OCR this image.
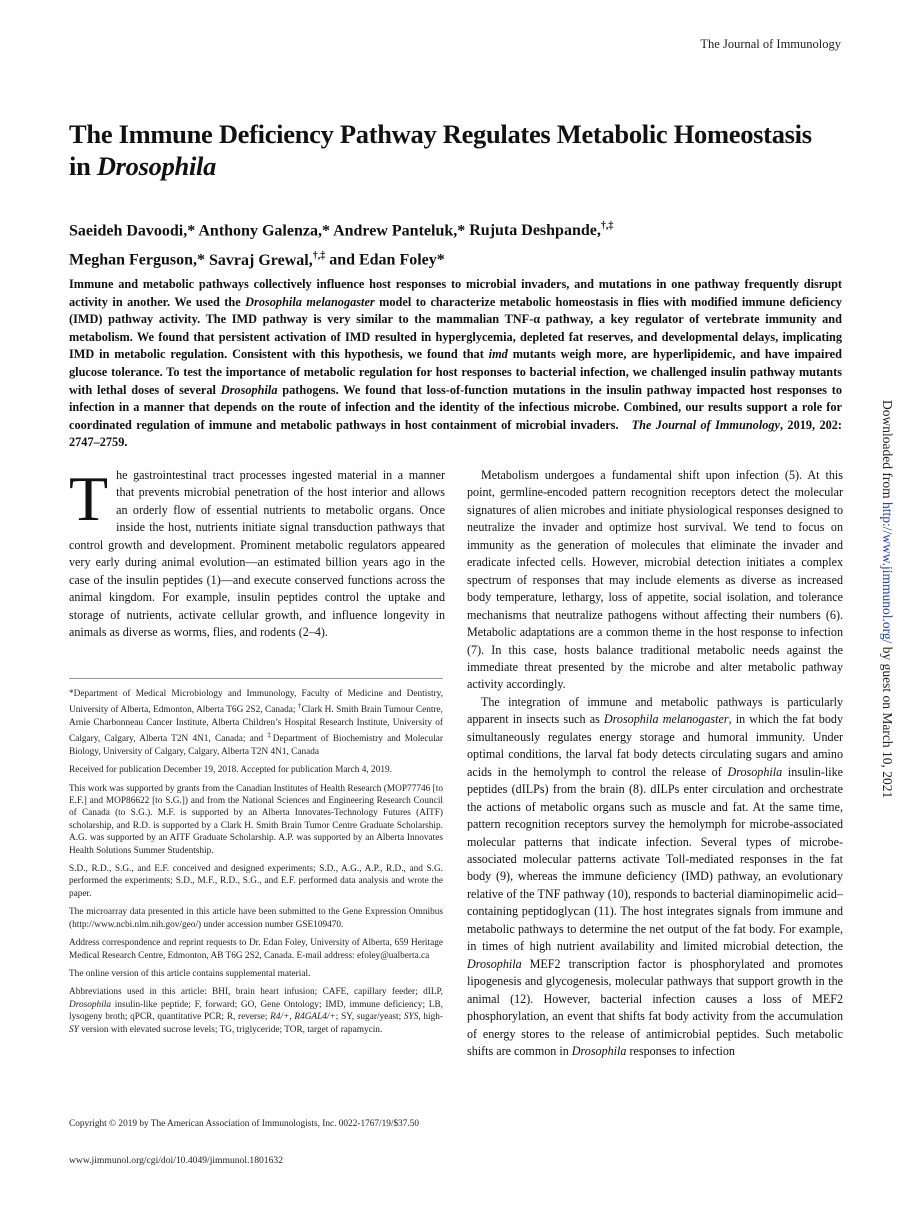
The Journal of Immunology
The Immune Deficiency Pathway Regulates Metabolic Homeostasis in Drosophila
Saeideh Davoodi,* Anthony Galenza,* Andrew Panteluk,* Rujuta Deshpande,†,‡
Meghan Ferguson,* Savraj Grewal,†,‡ and Edan Foley*
Immune and metabolic pathways collectively influence host responses to microbial invaders, and mutations in one pathway frequently disrupt activity in another. We used the Drosophila melanogaster model to characterize metabolic homeostasis in flies with modified immune deficiency (IMD) pathway activity. The IMD pathway is very similar to the mammalian TNF-α pathway, a key regulator of vertebrate immunity and metabolism. We found that persistent activation of IMD resulted in hyperglycemia, depleted fat reserves, and developmental delays, implicating IMD in metabolic regulation. Consistent with this hypothesis, we found that imd mutants weigh more, are hyperlipidemic, and have impaired glucose tolerance. To test the importance of metabolic regulation for host responses to bacterial infection, we challenged insulin pathway mutants with lethal doses of several Drosophila pathogens. We found that loss-of-function mutations in the insulin pathway impacted host responses to infection in a manner that depends on the route of infection and the identity of the infectious microbe. Combined, our results support a role for coordinated regulation of immune and metabolic pathways in host containment of microbial invaders. The Journal of Immunology, 2019, 202: 2747–2759.

The gastrointestinal tract processes ingested material in a manner that prevents microbial penetration of the host interior and allows an orderly flow of essential nutrients to metabolic organs. Once inside the host, nutrients initiate signal transduction pathways that control growth and development. Prominent metabolic regulators appeared very early during animal evolution—an estimated billion years ago in the case of the insulin peptides (1)—and execute conserved functions across the animal kingdom. For example, insulin peptides control the uptake and storage of nutrients, activate cellular growth, and influence longevity in animals as diverse as worms, flies, and rodents (2–4).

Metabolism undergoes a fundamental shift upon infection (5). At this point, germline-encoded pattern recognition receptors detect the molecular signatures of alien microbes and initiate physiological responses designed to neutralize the invader and optimize host survival. We tend to focus on immunity as the generation of molecules that eliminate the invader and eradicate infected cells. However, microbial detection initiates a complex spectrum of responses that may include elements as diverse as increased body temperature, lethargy, loss of appetite, social isolation, and tolerance mechanisms that neutralize pathogens without affecting their numbers (6). Metabolic adaptations are a common theme in the host response to infection (7). In this case, hosts balance traditional metabolic needs against the immediate threat presented by the microbe and alter metabolic pathway activity accordingly.

The integration of immune and metabolic pathways is particularly apparent in insects such as Drosophila melanogaster, in which the fat body simultaneously regulates energy storage and humoral immunity. Under optimal conditions, the larval fat body detects circulating sugars and amino acids in the hemolymph to control the release of Drosophila insulin-like peptides (dILPs) from the brain (8). dILPs enter circulation and orchestrate the actions of metabolic organs such as muscle and fat. At the same time, pattern recognition receptors survey the hemolymph for microbe-associated molecular patterns that indicate infection. Several types of microbe-associated molecular patterns activate Toll-mediated responses in the fat body (9), whereas the immune deficiency (IMD) pathway, an evolutionary relative of the TNF pathway (10), responds to bacterial diaminopimelic acid–containing peptidoglycan (11). The host integrates signals from immune and metabolic pathways to determine the net output of the fat body. For example, in times of high nutrient availability and limited microbial detection, the Drosophila MEF2 transcription factor is phosphorylated and promotes lipogenesis and glycogenesis, molecular pathways that support growth in the animal (12). However, bacterial infection causes a loss of MEF2 phosphorylation, an event that shifts fat body activity from the accumulation of energy stores to the release of antimicrobial peptides. Such metabolic shifts are common in Drosophila responses to infection

*Department of Medical Microbiology and Immunology, Faculty of Medicine and Dentistry, University of Alberta, Edmonton, Alberta T6G 2S2, Canada; †Clark H. Smith Brain Tumour Centre, Arnie Charbonneau Cancer Institute, Alberta Children’s Hospital Research Institute, University of Calgary, Calgary, Alberta T2N 4N1, Canada; and ‡Department of Biochemistry and Molecular Biology, University of Calgary, Calgary, Alberta T2N 4N1, Canada

Received for publication December 19, 2018. Accepted for publication March 4, 2019.

This work was supported by grants from the Canadian Institutes of Health Research (MOP77746 [to E.F.] and MOP86622 [to S.G.]) and from the National Sciences and Engineering Research Council of Canada (to S.G.). M.F. is supported by an Alberta Innovates-Technology Futures (AITF) scholarship, and R.D. is supported by a Clark H. Smith Brain Tumor Centre Graduate Scholarship. A.G. was supported by an AITF Graduate Scholarship. A.P. was supported by an Alberta Innovates Health Solutions Summer Studentship.

S.D., R.D., S.G., and E.F. conceived and designed experiments; S.D., A.G., A.P., R.D., and S.G. performed the experiments; S.D., M.F., R.D., S.G., and E.F. performed data analysis and wrote the paper.

The microarray data presented in this article have been submitted to the Gene Expression Omnibus (http://www.ncbi.nlm.nih.gov/geo/) under accession number GSE109470.

Address correspondence and reprint requests to Dr. Edan Foley, University of Alberta, 659 Heritage Medical Research Centre, Edmonton, AB T6G 2S2, Canada. E-mail address: efoley@ualberta.ca

The online version of this article contains supplemental material.

Abbreviations used in this article: BHI, brain heart infusion; CAFE, capillary feeder; dILP, Drosophila insulin-like peptide; F, forward; GO, Gene Ontology; IMD, immune deficiency; LB, lysogeny broth; qPCR, quantitative PCR; R, reverse; R4/+, R4GAL4/+; SY, sugar/yeast; SYS, high-SY version with elevated sucrose levels; TG, triglyceride; TOR, target of rapamycin.

Copyright © 2019 by The American Association of Immunologists, Inc. 0022-1767/19/$37.50
www.jimmunol.org/cgi/doi/10.4049/jimmunol.1801632
Downloaded from http://www.jimmunol.org/ by guest on March 10, 2021
